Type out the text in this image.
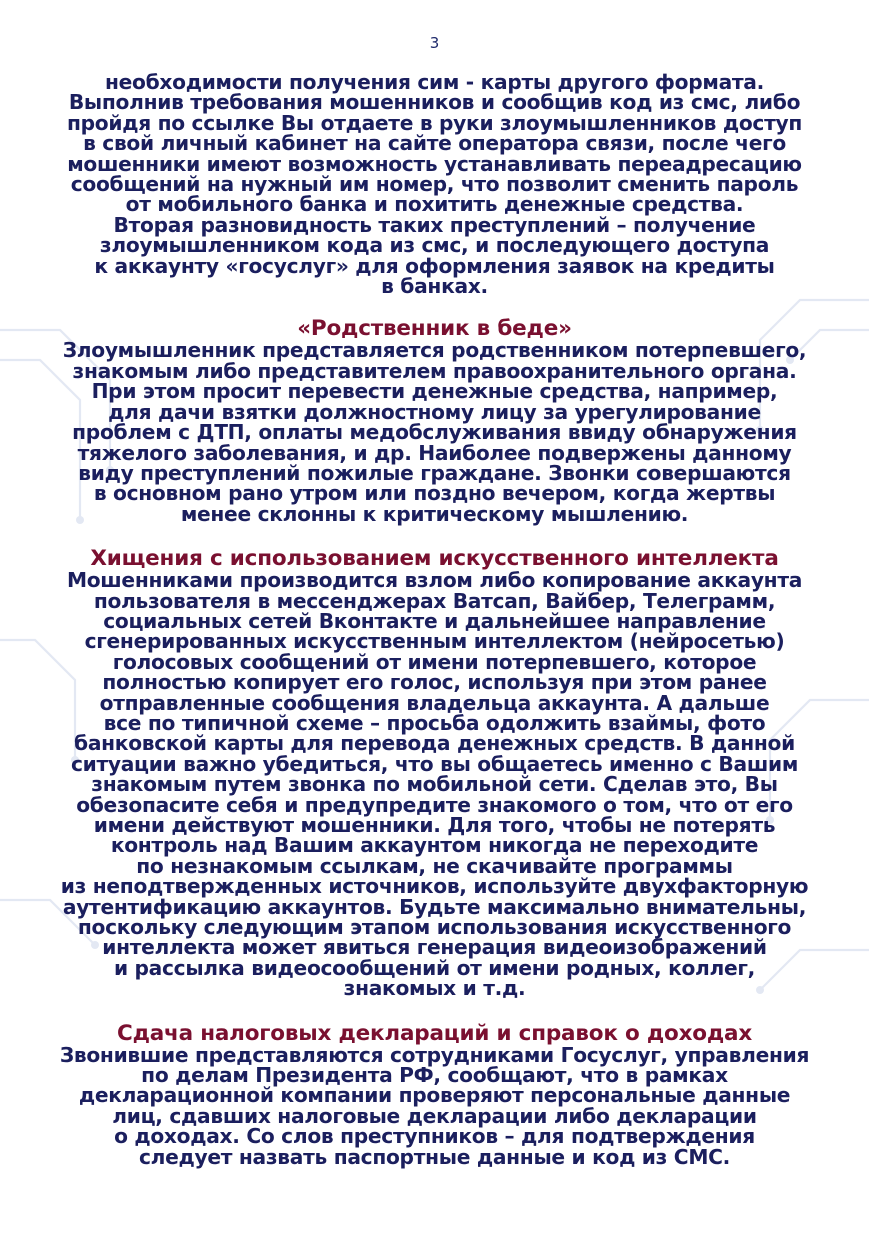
3
необходимости получения сим - карты другого формата.
Выполнив требования мошенников и сообщив код из смс, либо
пройдя по ссылке Вы отдаете в руки злоумышленников доступ
в свой личный кабинет на сайте оператора связи, после чего
мошенники имеют возможность устанавливать переадресацию
сообщений на нужный им номер, что позволит сменить пароль
от мобильного банка и похитить денежные средства.
Вторая разновидность таких преступлений – получение
злоумышленником кода из смс, и последующего доступа
к аккаунту «госуслуг» для оформления заявок на кредиты
в банках.
«Родственник в беде»
Злоумышленник представляется родственником потерпевшего,
знакомым либо представителем правоохранительного органа.
При этом просит перевести денежные средства, например,
для дачи взятки должностному лицу за урегулирование
проблем с ДТП, оплаты медобслуживания ввиду обнаружения
тяжелого заболевания, и др. Наиболее подвержены данному
виду преступлений пожилые граждане. Звонки совершаются
в основном рано утром или поздно вечером, когда жертвы
менее склонны к критическому мышлению.
Хищения с использованием искусственного интеллекта
Мошенниками производится взлом либо копирование аккаунта
пользователя в мессенджерах Ватсап, Вайбер, Телеграмм,
социальных сетей Вконтакте и дальнейшее направление
сгенерированных искусственным интеллектом (нейросетью)
голосовых сообщений от имени потерпевшего, которое
полностью копирует его голос, используя при этом ранее
отправленные сообщения владельца аккаунта. А дальше
все по типичной схеме – просьба одолжить взаймы, фото
банковской карты для перевода денежных средств. В данной
ситуации важно убедиться, что вы общаетесь именно с Вашим
знакомым путем звонка по мобильной сети. Сделав это, Вы
обезопасите себя и предупредите знакомого о том, что от его
имени действуют мошенники. Для того, чтобы не потерять
контроль над Вашим аккаунтом никогда не переходите
по незнакомым ссылкам, не скачивайте программы
из неподтвержденных источников, используйте двухфакторную
аутентификацию аккаунтов. Будьте максимально внимательны,
поскольку следующим этапом использования искусственного
интеллекта может явиться генерация видеоизображений
и рассылка видеосообщений от имени родных, коллег,
знакомых и т.д.
Сдача налоговых деклараций и справок о доходах
Звонившие представляются сотрудниками Госуслуг, управления
по делам Президента РФ, сообщают, что в рамках
декларационной компании проверяют персональные данные
лиц, сдавших налоговые декларации либо декларации
о доходах. Со слов преступников – для подтверждения
следует назвать паспортные данные и код из СМС.
